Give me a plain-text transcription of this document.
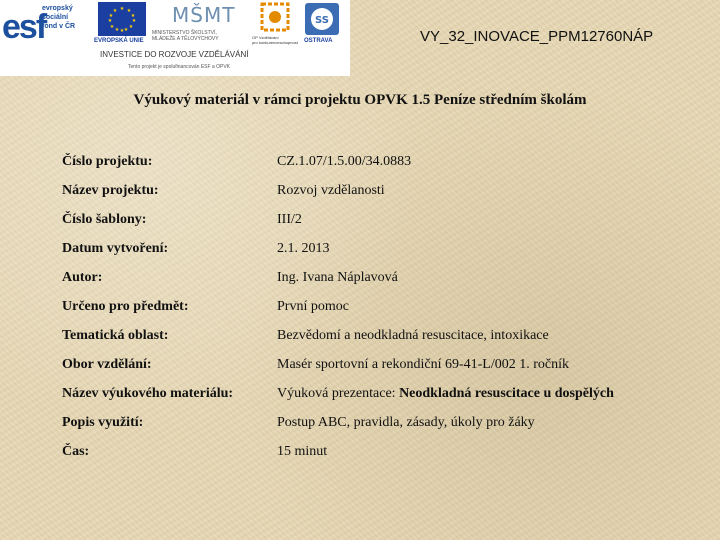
esf
evropský
sociální
fond v ČR
★ ★
★
★
★
★
★
★
★
★
★
★
EVROPSKÁ UNIE
MŠMT
MINISTERSTVO ŠKOLSTVÍ,
MLÁDEŽE A TĚLOVÝCHOVY	OP Vzdělávání
pro konkurenceschopnost
SS
OSTRAVA
INVESTICE DO ROZVOJE VZDĚLÁVÁNÍ
Tento projekt je spolufinancován ESF a OPVK
VY_32_INOVACE_PPM12760NÁP
Výukový materiál v rámci projektu OPVK 1.5 Peníze středním školám
Číslo projektu:	CZ.1.07/1.5.00/34.0883
Název projektu:	Rozvoj vzdělanosti
Číslo šablony:	III/2
Datum vytvoření:	2.1. 2013
Autor:	Ing. Ivana Náplavová
Určeno pro předmět:	První pomoc
Tematická oblast:	Bezvědomí a neodkladná resuscitace, intoxikace
Obor vzdělání:	Masér sportovní a rekondiční 69-41-L/002 1. ročník
Název výukového materiálu:	Výuková prezentace: Neodkladná resuscitace u dospělých
Popis využití:	Postup ABC, pravidla, zásady, úkoly pro žáky
Čas:	15 minut
